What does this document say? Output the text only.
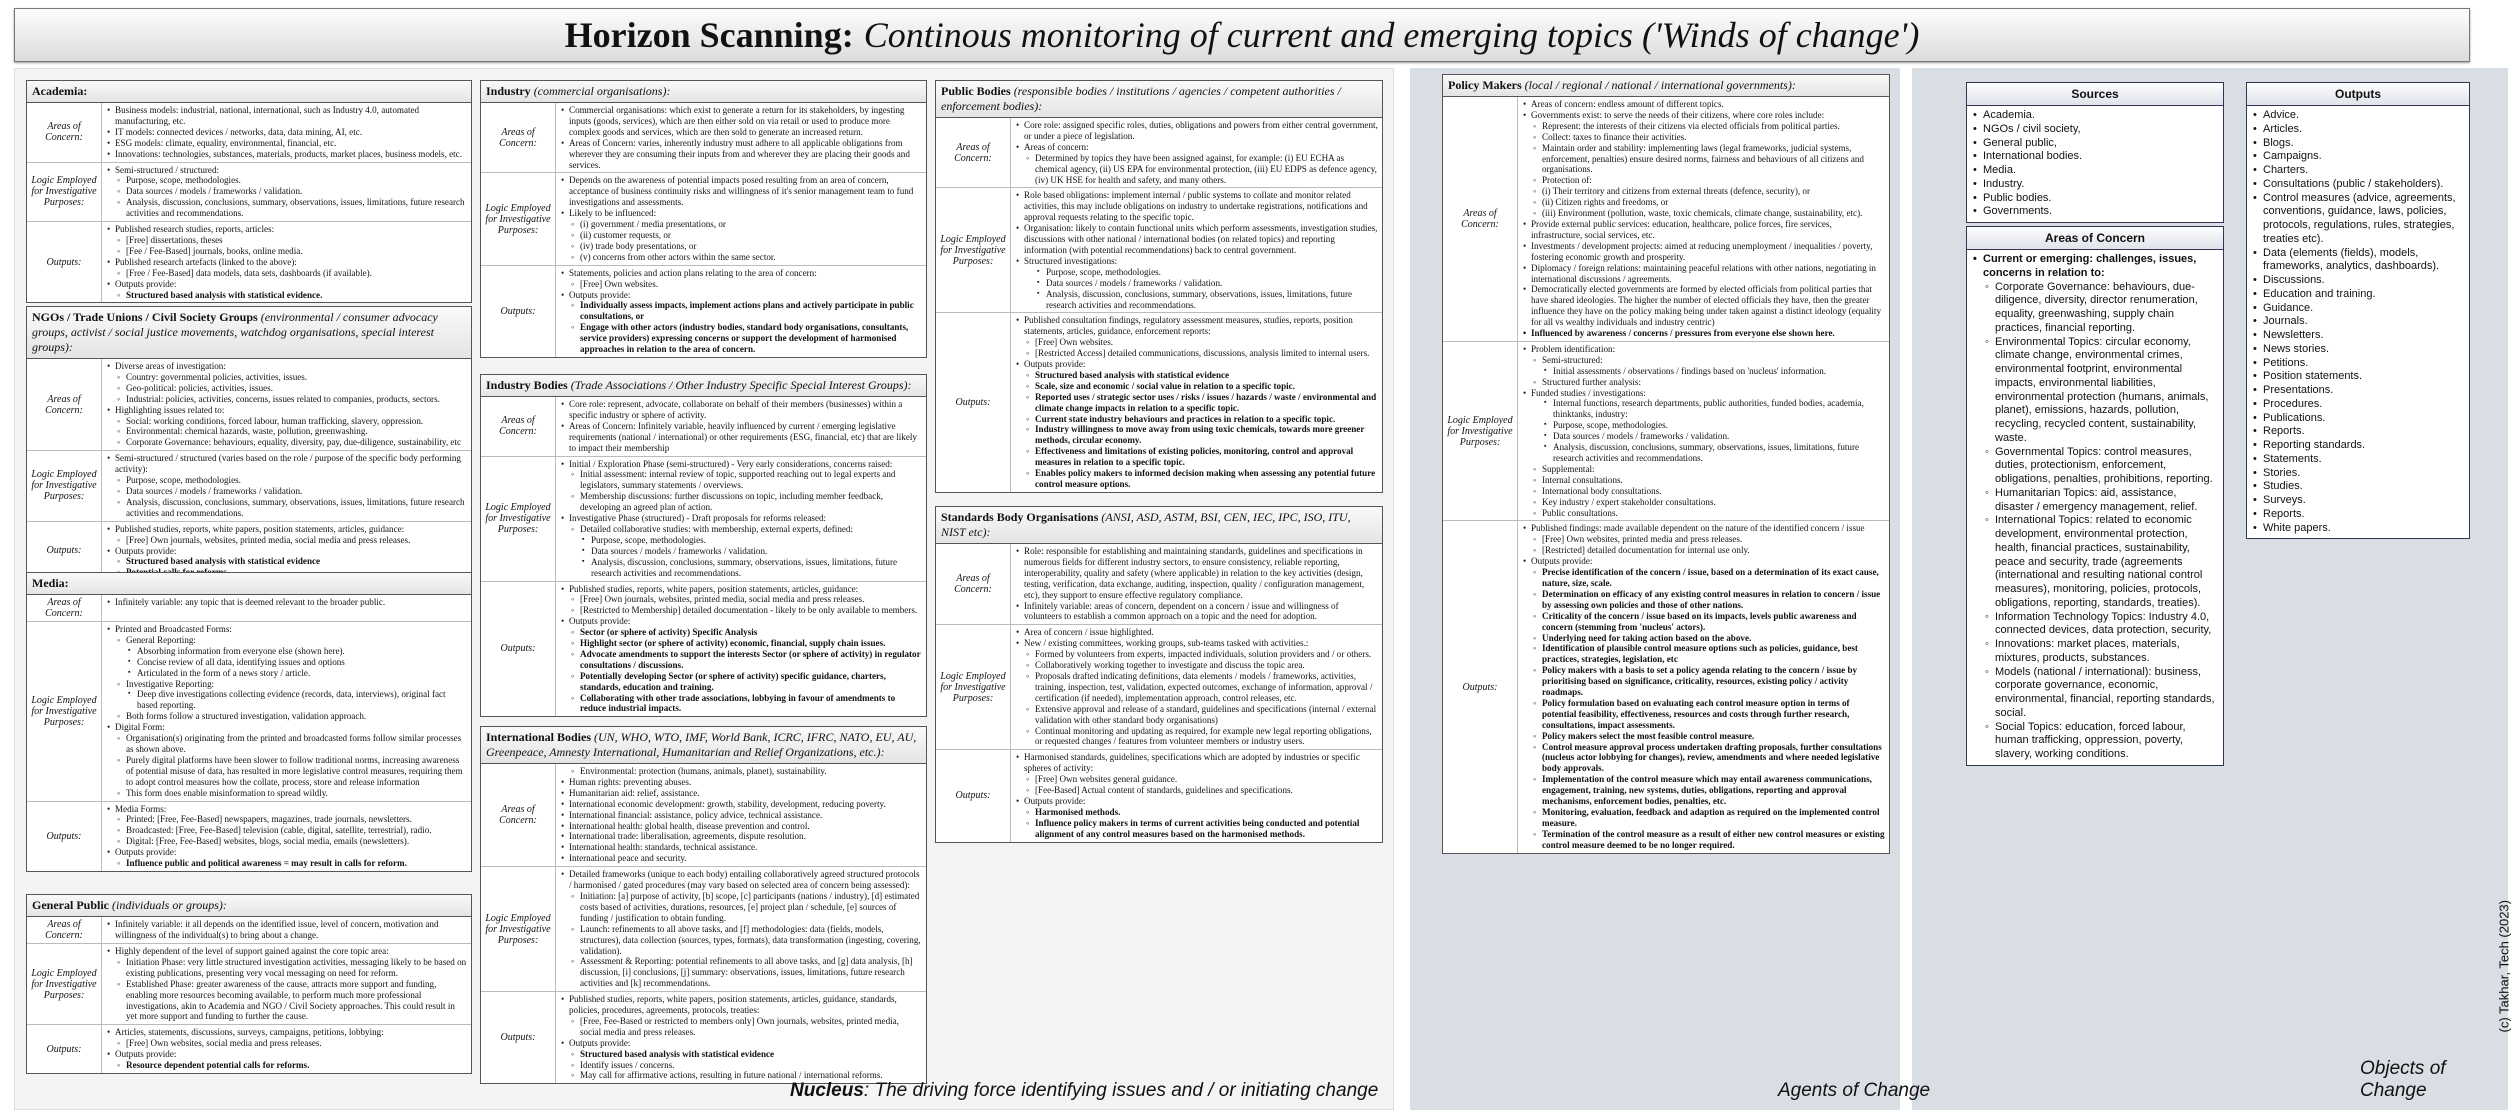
Horizon Scanning: Continous monitoring of current and emerging topics ('Winds of change')
Academia:
Areas of Concern:
• Business models: industrial, national, international, such as Industry 4.0, automated manufacturing, etc.
• IT models: connected devices / networks, data, data mining, AI, etc.
• ESG models: climate, equality, environmental, financial, etc.
• Innovations: technologies, substances, materials, products, market places, business models, etc.
Logic Employed for Investigative Purposes:
• Semi-structured / structured:
◦ Purpose, scope, methodologies.
◦ Data sources / models / frameworks / validation.
◦ Analysis, discussion, conclusions, summary, observations, issues, limitations, future research activities and recommendations.
Outputs:
• Published research studies, reports, articles:
◦ [Free] dissertations, theses
◦ [Fee / Fee-Based] journals, books, online media.
• Published research artefacts (linked to the above):
◦ [Free / Fee-Based] data models, data sets, dashboards (if available).
• Outputs provide:
◦ Structured based analysis with statistical evidence.
NGOs / Trade Unions / Civil Society Groups (environmental / consumer advocacy groups, activist / social justice movements, watchdog organisations, special interest groups):
Areas of Concern:
• Diverse areas of investigation:
◦ Country: governmental policies, activities, issues.
◦ Geo-political: policies, activities, issues.
◦ Industrial: policies, activities, concerns, issues related to companies, products, sectors.
• Highlighting issues related to:
◦ Social: working conditions, forced labour, human trafficking, slavery, oppression.
◦ Environmental: chemical hazards, waste, pollution, greenwashing.
◦ Corporate Governance: behaviours, equality, diversity, pay, due-diligence, sustainability, etc
Logic Employed for Investigative Purposes:
• Semi-structured / structured (varies based on the role / purpose of the specific body performing activity):
◦ Purpose, scope, methodologies.
◦ Data sources / models / frameworks / validation.
◦ Analysis, discussion, conclusions, summary, observations, issues, limitations, future research activities and recommendations.
Outputs:
• Published studies, reports, white papers, position statements, articles, guidance:
◦ [Free] Own journals, websites, printed media, social media and press releases.
• Outputs provide:
◦ Structured based analysis with statistical evidence
◦
Media:
Areas of Concern:
• Infinitely variable: any topic that is deemed relevant to the broader public.
Logic Employed for Investigative Purposes:
• Printed and Broadcasted Forms:
◦ General Reporting:
▪ Absorbing information from everyone else (shown here).
▪ Concise review of all data, identifying issues and options
▪ Articulated in the form of a news story / article.
◦ Investigative Reporting:
▪ Deep dive investigations collecting evidence (records, data, interviews), original fact based reporting.
◦ Both forms follow a structured investigation, validation approach.
• Digital Form:
◦ Organisation(s) originating from the printed and broadcasted forms follow similar processes as shown above.
◦ Purely digital platforms have been slower to follow traditional norms, increasing awareness of potential misuse of data, has resulted in more legislative control measures, requiring them to adopt control measures how the collate, process, store and release information
◦ This form does enable misinformation to spread wildly.
Outputs:
• Media Forms:
◦ Printed: [Free, Fee-Based] newspapers, magazines, trade journals, newsletters.
◦ Broadcasted: [Free, Fee-Based] television (cable, digital, satellite, terrestrial), radio.
◦ Digital: [Free, Fee-Based] websites, blogs, social media, emails (newsletters).
• Outputs provide:
◦ Influence public and political awareness = may result in calls for reform.
General Public (individuals or groups):
Areas of Concern:
• Infinitely variable: it all depends on the identified issue, level of concern, motivation and willingness of the individual(s) to bring about a change.
Logic Employed for Investigative Purposes:
• Highly dependent of the level of support gained against the core topic area:
◦ Initiation Phase: very little structured investigation activities, messaging likely to be based on existing publications, presenting very vocal messaging on need for reform.
◦ Established Phase: greater awareness of the cause, attracts more support and funding, enabling more resources becoming available, to perform much more professional investigations, akin to Academia and NGO / Civil Society approaches. This could result in yet more support and funding to further the cause.
Outputs:
• Articles, statements, discussions, surveys, campaigns, petitions, lobbying:
◦ [Free] Own websites, social media and press releases.
• Outputs provide:
◦ Resource dependent potential calls for reforms.
Industry (commercial organisations):
Areas of Concern:
• Commercial organisations: which exist to generate a return for its stakeholders, by ingesting inputs (goods, services), which are then either sold on via retail or used to produce more complex goods and services, which are then sold to generate an increased return.
• Areas of Concern: varies, inherently industry must adhere to all applicable obligations from wherever they are consuming their inputs from and wherever they are placing their goods and services.
Logic Employed for Investigative Purposes:
• Depends on the awareness of potential impacts posed resulting from an area of concern, acceptance of business continuity risks and willingness of it's senior management team to fund investigations and assessments.
• Likely to be influenced:
◦ (i) government / media presentations, or
◦ (ii) customer requests, or
◦ (iv) trade body presentations, or
◦ (v) concerns from other actors within the same sector.
Outputs:
• Statements, policies and action plans relating to the area of concern:
◦ [Free] Own websites.
• Outputs provide:
◦ Individually assess impacts, implement actions plans and actively participate in public consultations, or
◦ Engage with other actors (industry bodies, standard body organisations, consultants, service providers) expressing concerns or support the development of harmonised approaches in relation to the area of concern.
Industry Bodies (Trade Associations / Other Industry Specific Special Interest Groups):
Areas of Concern:
• Core role: represent, advocate, collaborate on behalf of their members (businesses) within a specific industry or sphere of activity.
• Areas of Concern: Infinitely variable, heavily influenced by current / emerging legislative requirements (national / international) or other requirements (ESG, financial, etc) that are likely to impact their membership
Logic Employed for Investigative Purposes:
• Initial / Exploration Phase (semi-structured) - Very early considerations, concerns raised:
◦ Initial assessment: internal review of topic, supported reaching out to legal experts and legislators, summary statements / overviews.
◦ Membership discussions: further discussions on topic, including member feedback, developing an agreed plan of action.
• Investigative Phase (structured) - Draft proposals for reforms released:
◦ Detailed collaborative studies: with membership, external experts, defined:
▪ Purpose, scope, methodologies.
▪ Data sources / models / frameworks / validation.
▪ Analysis, discussion, conclusions, summary, observations, issues, limitations, future research activities and recommendations.
Outputs:
• Published studies, reports, white papers, position statements, articles, guidance:
◦ [Free] Own journals, websites, printed media, social media and press releases.
◦ [Restricted to Membership] detailed documentation - likely to be only available to members.
• Outputs provide:
◦ Sector (or sphere of activity) Specific Analysis
◦ Highlight sector (or sphere of activity) economic, financial, supply chain issues.
◦ Advocate amendments to support the interests Sector (or sphere of activity) in regulator consultations / discussions.
◦ Potentially developing Sector (or sphere of activity) specific guidance, charters, standards, education and training.
◦ Collaborating with other trade associations, lobbying in favour of amendments to reduce industrial impacts.
International Bodies (UN, WHO, WTO, IMF, World Bank, ICRC, IFRC, NATO, EU, AU, Greenpeace, Amnesty International, Humanitarian and Relief Organizations, etc.):
Areas of Concern:
◦ Environmental: protection (humans, animals, planet), sustainability.
• Human rights: preventing abuses.
• Humanitarian aid: relief, assistance.
• International economic development: growth, stability, development, reducing poverty.
• International financial: assistance, policy advice, technical assistance.
• International health: global health, disease prevention and control.
• International trade: liberalisation, agreements, dispute resolution.
• International health: standards, technical assistance.
• International peace and security.
Logic Employed for Investigative Purposes:
• Detailed frameworks (unique to each body) entailing collaboratively agreed structured protocols / harmonised / gated procedures (may vary based on selected area of concern being assessed):
◦ Initiation: [a] purpose of activity, [b] scope, [c] participants (nations / industry), [d] estimated costs based of activities, durations, resources, [e] project plan / schedule, [e] sources of funding / justification to obtain funding.
◦ Launch: refinements to all above tasks, and [f] methodologies: data (fields, models, structures), data collection (sources, types, formats), data transformation (ingesting, covering, validation).
◦ Assessment & Reporting: potential refinements to all above tasks, and [g] data analysis, [h] discussion, [i] conclusions, [j] summary: observations, issues, limitations, future research activities and [k] recommendations.
Outputs:
• Published studies, reports, white papers, position statements, articles, guidance, standards, policies, procedures, agreements, protocols, treaties:
◦ [Free, Fee-Based or restricted to members only] Own journals, websites, printed media, social media and press releases.
• Outputs provide:
◦ Structured based analysis with statistical evidence
◦ Identify issues / concerns.
◦ May call for affirmative actions, resulting in future national / international reforms.
Public Bodies (responsible bodies / institutions / agencies / competent authorities / enforcement bodies):
Areas of Concern:
• Core role: assigned specific roles, duties, obligations and powers from either central government, or under a piece of legislation.
• Areas of concern:
◦ Determined by topics they have been assigned against, for example: (i) EU ECHA as chemical agency, (ii) US EPA for environmental protection, (iii) EU EDPS as defence agency, (iv) UK HSE for health and safety, and many others.
Logic Employed for Investigative Purposes:
• Role based obligations: implement internal / public systems to collate and monitor related activities, this may include obligations on industry to undertake registrations, notifications and approval requests relating to the specific topic.
• Organisation: likely to contain functional units which perform assessments, investigation studies, discussions with other national / international bodies (on related topics) and reporting information (with potential recommendations) back to central government.
• Structured investigations:
▪ Purpose, scope, methodologies.
▪ Data sources / models / frameworks / validation.
▪ Analysis, discussion, conclusions, summary, observations, issues, limitations, future research activities and recommendations.
Outputs:
• Published consultation findings, regulatory assessment measures, studies, reports, position statements, articles, guidance, enforcement reports:
◦ [Free] Own websites.
◦ [Restricted Access] detailed communications, discussions, analysis limited to internal users.
• Outputs provide:
◦ Structured based analysis with statistical evidence
◦ Scale, size and economic / social value in relation to a specific topic.
◦ Reported uses / strategic sector uses / risks / issues / hazards / waste / environmental and climate change impacts in relation to a specific topic.
◦ Current state industry behaviours and practices in relation to a specific topic.
◦ Industry willingness to move away from using toxic chemicals, towards more greener methods, circular economy.
◦ Effectiveness and limitations of existing policies, monitoring, control and approval measures in relation to a specific topic.
◦ Enables policy makers to informed decision making when assessing any potential future control measure options.
Standards Body Organisations (ANSI, ASD, ASTM, BSI, CEN, IEC, IPC, ISO, ITU, NIST etc):
Areas of Concern:
• Role: responsible for establishing and maintaining standards, guidelines and specifications in numerous fields for different industry sectors, to ensure consistency, reliable reporting, interoperability, quality and safety (where applicable) in relation to the key activities (design, testing, verification, data exchange, auditing, inspection, quality / configuration management, etc), they support to ensure effective regulatory compliance.
• Infinitely variable: areas of concern, dependent on a concern / issue and willingness of volunteers to establish a common approach on a topic and the need for adoption.
Logic Employed for Investigative Purposes:
• Area of concern / issue highlighted.
• New / existing committees, working groups, sub-teams tasked with activities.:
◦ Formed by volunteers from experts, impacted individuals, solution providers and / or others.
◦ Collaboratively working together to investigate and discuss the topic area.
◦ Proposals drafted indicating definitions, data elements / models / frameworks, activities, training, inspection, test, validation, expected outcomes, exchange of information, approval / certification (if needed), implementation approach, control releases, etc.
◦ Extensive approval and release of a standard, guidelines and specifications (internal / external validation with other standard body organisations)
◦ Continual monitoring and updating as required, for example new legal reporting obligations, or requested changes / features from volunteer members or industry users.
Outputs:
• Harmonised standards, guidelines, specifications which are adopted by industries or specific spheres of activity:
◦ [Free] Own websites general guidance.
◦ [Fee-Based] Actual content of standards, guidelines and specifications.
• Outputs provide:
◦ Harmonised methods.
◦ Influence policy makers in terms of current activities being conducted and potential alignment of any control measures based on the harmonised methods.
Policy Makers (local / regional / national / international governments):
Areas of Concern:
• Areas of concern: endless amount of different topics.
• Governments exist: to serve the needs of their citizens, where core roles include:
◦ Represent: the interests of their citizens via elected officials from political parties.
◦ Collect: taxes to finance their activities.
◦ Maintain order and stability: implementing laws (legal frameworks, judicial systems, enforcement, penalties) ensure desired norms, fairness and behaviours of all citizens and organisations.
◦ Protection of:
◦ (i) Their territory and citizens from external threats (defence, security), or
◦ (ii) Citizen rights and freedoms, or
◦ (iii) Environment (pollution, waste, toxic chemicals, climate change, sustainability, etc).
• Provide external public services: education, healthcare, police forces, fire services, infrastructure, social services, etc.
• Investments / development projects: aimed at reducing unemployment / inequalities / poverty, fostering economic growth and prosperity.
• Diplomacy / foreign relations: maintaining peaceful relations with other nations, negotiating in international discussions / agreements.
• Democratically elected governments are formed by elected officials from political parties that have shared ideologies. The higher the number of elected officials they have, then the greater influence they have on the policy making being under taken against a distinct ideology (equality for all vs wealthy individuals and industry centric)
• Influenced by awareness / concerns / pressures from everyone else shown here.
Logic Employed for Investigative Purposes:
• Problem identification:
◦ Semi-structured:
▪ Initial assessments / observations / findings based on 'nucleus' information.
◦ Structured further analysis:
• Funded studies / investigations:
▪ Internal functions, research departments, public authorities, funded bodies, academia, thinktanks, industry:
▪ Purpose, scope, methodologies.
▪ Data sources / models / frameworks / validation.
▪ Analysis, discussion, conclusions, summary, observations, issues, limitations, future research activities and recommendations.
◦ Supplemental:
◦ Internal consultations.
◦ International body consultations.
◦ Key industry / expert stakeholder consultations.
◦ Public consultations.
Outputs:
• Published findings: made available dependent on the nature of the identified concern / issue
◦ [Free] Own websites, printed media and press releases.
◦ [Restricted] detailed documentation for internal use only.
• Outputs provide:
◦ Precise identification of the concern / issue, based on a determination of its exact cause, nature, size, scale.
◦ Determination on efficacy of any existing control measures in relation to concern / issue by assessing own policies and those of other nations.
◦ Criticality of the concern / issue based on its impacts, levels public awareness and concern (stemming from 'nucleus' actors).
◦ Underlying need for taking action based on the above.
◦ Identification of plausible control measure options such as policies, guidance, best practices, strategies, legislation, etc
◦ Policy makers with a basis to set a policy agenda relating to the concern / issue by prioritising based on significance, criticality, resources, existing policy / activity roadmaps.
◦ Policy formulation based on evaluating each control measure option in terms of potential feasibility, effectiveness, resources and costs through further research, consultations, impact assessments.
◦ Policy makers select the most feasible control measure.
◦ Control measure approval process undertaken drafting proposals, further consultations (nucleus actor lobbying for changes), review, amendments and where needed legislative body approvals.
◦ Implementation of the control measure which may entail awareness communications, engagement, training, new systems, duties, obligations, reporting and approval mechanisms, enforcement bodies, penalties, etc.
◦ Monitoring, evaluation, feedback and adaption as required on the implemented control measure.
◦ Termination of the control measure as a result of either new control measures or existing control measure deemed to be no longer required.
Sources
• Academia.
• NGOs / civil society,
• General public,
• International bodies.
• Media.
• Industry.
• Public bodies.
• Governments.
Areas of Concern
• Current or emerging: challenges, issues, concerns in relation to:
◦ Corporate Governance: behaviours, due-diligence, diversity, director renumeration, equality, greenwashing, supply chain practices, financial reporting.
◦ Environmental Topics: circular economy, climate change, environmental crimes, environmental footprint, environmental impacts, environmental liabilities, environmental protection (humans, animals, planet), emissions, hazards, pollution, recycling, recycled content, sustainability, waste.
◦ Governmental Topics: control measures, duties, protectionism, enforcement, obligations, penalties, prohibitions, reporting.
◦ Humanitarian Topics: aid, assistance, disaster / emergency management, relief.
◦ International Topics: related to economic development, environmental protection, health, financial practices, sustainability, peace and security, trade (agreements (international and resulting national control measures), monitoring, policies, protocols, obligations, reporting, standards, treaties).
◦ Information Technology Topics: Industry 4.0, connected devices, data protection, security,
◦ Innovations: market places, materials, mixtures, products, substances.
◦ Models (national / international): business, corporate governance, economic, environmental, financial, reporting standards, social.
◦ Social Topics: education, forced labour, human trafficking, oppression, poverty, slavery, working conditions.
Outputs
• Advice.
• Articles.
• Blogs.
• Campaigns.
• Charters.
• Consultations (public / stakeholders).
• Control measures (advice, agreements, conventions, guidance, laws, policies, protocols, regulations, rules, strategies, treaties etc).
• Data (elements (fields), models, frameworks, analytics, dashboards).
• Discussions.
• Education and training.
• Guidance.
• Journals.
• Newsletters.
• News stories.
• Petitions.
• Position statements.
• Presentations.
• Procedures.
• Publications.
• Reports.
• Reporting standards.
• Statements.
• Stories.
• Studies.
• Surveys.
• Reports.
• White papers.
Nucleus: The driving force identifying issues and / or initiating change	Agents of Change
Objects of Change
(c) Takhar, Tech (2023)
